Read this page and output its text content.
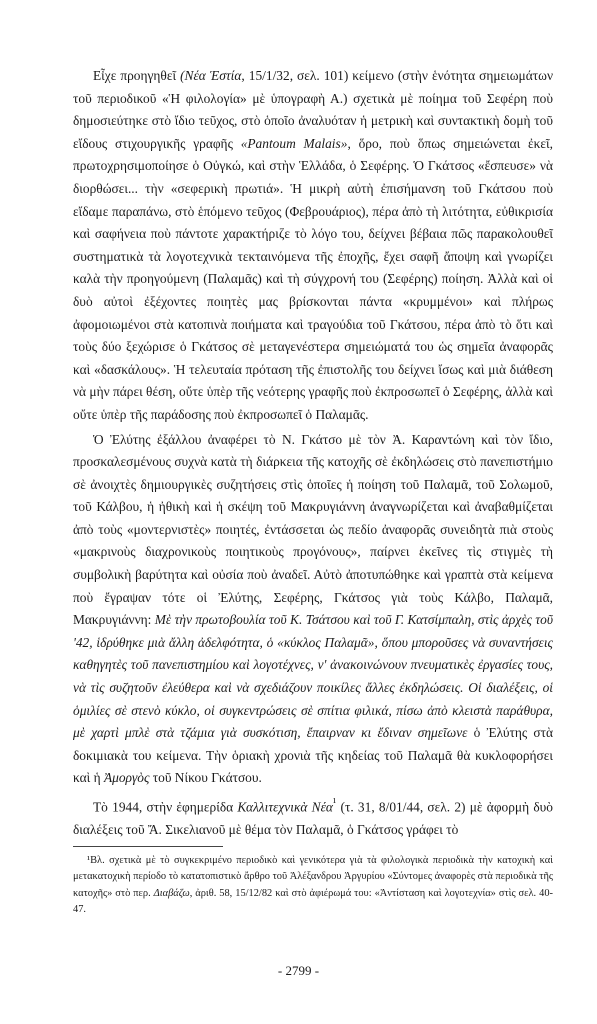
Εἶχε προηγηθεῖ (Νέα Ἑστία, 15/1/32, σελ. 101) κείμενο (στὴν ἑνότητα σημειωμάτων τοῦ περιοδικοῦ «Ἡ φιλολογία» μὲ ὑπογραφὴ Α.) σχετικὰ μὲ ποίημα τοῦ Σεφέρη ποὺ δημοσιεύτηκε στὸ ἴδιο τεῦχος, στὸ ὁποῖο ἀναλυόταν ἡ μετρικὴ καὶ συντακτικὴ δομὴ τοῦ εἴδους στιχουργικῆς γραφῆς «Pantoum Malais», ὅρο, ποὺ ὅπως σημειώνεται ἐκεῖ, πρωτοχρησιμοποίησε ὁ Οὐγκώ, καὶ στὴν Ἑλλάδα, ὁ Σεφέρης. Ὁ Γκάτσος «ἔσπευσε» νὰ διορθώσει... τὴν «σεφερικὴ πρωτιά». Ἡ μικρὴ αὐτὴ ἐπισήμανση τοῦ Γκάτσου ποὺ εἴδαμε παραπάνω, στὸ ἑπόμενο τεῦχος (Φεβρουάριος), πέρα ἀπὸ τὴ λιτότητα, εὐθικρισία καὶ σαφήνεια ποὺ πάντοτε χαρακτήριζε τὸ λόγο του, δείχνει βέβαια πῶς παρακολουθεῖ συστηματικὰ τὰ λογοτεχνικὰ τεκταινόμενα τῆς ἐποχῆς, ἔχει σαφῆ ἄποψη καὶ γνωρίζει καλὰ τὴν προηγούμενη (Παλαμᾶς) καὶ τὴ σύγχρονή του (Σεφέρης) ποίηση. Ἀλλὰ καὶ οἱ δυὸ αὐτοὶ ἐξέχοντες ποιητὲς μας βρίσκονται πάντα «κρυμμένοι» καὶ πλήρως ἀφομοιωμένοι στὰ κατοπινὰ ποιήματα καὶ τραγούδια τοῦ Γκάτσου, πέρα ἀπὸ τὸ ὅτι καὶ τοὺς δύο ξεχώρισε ὁ Γκάτσος σὲ μεταγενέστερα σημειώματά του ὡς σημεῖα ἀναφορᾶς καὶ «δασκάλους». Ἡ τελευταία πρόταση τῆς ἐπιστολῆς του δείχνει ἴσως καὶ μιὰ διάθεση νὰ μὴν πάρει θέση, οὔτε ὑπὲρ τῆς νεότερης γραφῆς ποὺ ἐκπροσωπεῖ ὁ Σεφέρης, ἀλλὰ καὶ οὔτε ὑπὲρ τῆς παράδοσης ποὺ ἐκπροσωπεῖ ὁ Παλαμᾶς.

Ὁ Ἐλύτης ἐξάλλου ἀναφέρει τὸ Ν. Γκάτσο μὲ τὸν Ἀ. Καραντώνη καὶ τὸν ἴδιο, προσκαλεσμένους συχνὰ κατὰ τὴ διάρκεια τῆς κατοχῆς σὲ ἐκδηλώσεις στὸ πανεπιστήμιο σὲ ἀνοιχτὲς δημιουργικὲς συζητήσεις στὶς ὁποῖες ἡ ποίηση τοῦ Παλαμᾶ, τοῦ Σολωμοῦ, τοῦ Κάλβου, ἡ ἠθικὴ καὶ ἡ σκέψη τοῦ Μακρυγιάννη ἀναγνωρίζεται καὶ ἀναβαθμίζεται ἀπὸ τοὺς «μοντερνιστὲς» ποιητές, ἐντάσσεται ὡς πεδίο ἀναφορᾶς συνειδητὰ πιὰ στοὺς «μακρινοὺς διαχρονικοὺς ποιητικοὺς προγόνους», παίρνει ἐκεῖνες τὶς στιγμὲς τὴ συμβολικὴ βαρύτητα καὶ οὐσία ποὺ ἀναδεῖ. Αὐτὸ ἀποτυπώθηκε καὶ γραπτὰ στὰ κείμενα ποὺ ἔγραψαν τότε οἱ Ἐλύτης, Σεφέρης, Γκάτσος γιὰ τοὺς Κάλβο, Παλαμᾶ, Μακρυγιάννη: Μὲ τὴν πρωτοβουλία τοῦ Κ. Τσάτσου καὶ τοῦ Γ. Κατσίμπαλη, στὶς ἀρχὲς τοῦ '42, ἱδρύθηκε μιὰ ἄλλη ἀδελφότητα, ὁ «κύκλος Παλαμᾶ», ὅπου μποροῦσες νὰ συναντήσεις καθηγητὲς τοῦ πανεπιστημίου καὶ λογοτέχνες, ν' ἀνακοινώνουν πνευματικὲς ἐργασίες τους, νὰ τὶς συζητοῦν ἐλεύθερα καὶ νὰ σχεδιάζουν ποικίλες ἄλλες ἐκδηλώσεις. Οἱ διαλέξεις, οἱ ὁμιλίες σὲ στενὸ κύκλο, οἱ συγκεντρώσεις σὲ σπίτια φιλικά, πίσω ἀπὸ κλειστὰ παράθυρα, μὲ χαρτὶ μπλὲ στὰ τζάμια γιὰ συσκότιση, ἔπαιρναν κι ἔδιναν σημεῖωνε ὁ Ἐλύτης στὰ δοκιμιακὰ του κείμενα. Τὴν ὁριακὴ χρονιὰ τῆς κηδείας τοῦ Παλαμᾶ θὰ κυκλοφορήσει καὶ ἡ Ἀμοργὸς τοῦ Νίκου Γκάτσου.

Τὸ 1944, στὴν ἐφημερίδα Καλλιτεχνικὰ Νέα$^{^1}$ (τ. 31, 8/01/44, σελ. 2) μὲ ἀφορμὴ δυὸ διαλέξεις τοῦ Ἄ. Σικελιανοῦ μὲ θέμα τὸν Παλαμᾶ, ὁ Γκάτσος γράφει τὸ

¹Βλ. σχετικὰ μὲ τὸ συγκεκριμένο περιοδικὸ καὶ γενικότερα γιὰ τὰ φιλολογικὰ περιοδικὰ τὴν κατοχικὴ καὶ μετακατοχικὴ περίοδο τὸ κατατοπιστικὸ ἄρθρο τοῦ Ἀλέξανδρου Ἀργυρίου «Σύντομες ἀναφορὲς στὰ περιοδικὰ τῆς κατοχῆς» στὸ περ. Διαβάζω, ἀριθ. 58, 15/12/82 καὶ στὸ ἀφιέρωμά του: «Ἀντίσταση καὶ λογοτεχνία» στὶς σελ. 40-47.

- 2799 -
